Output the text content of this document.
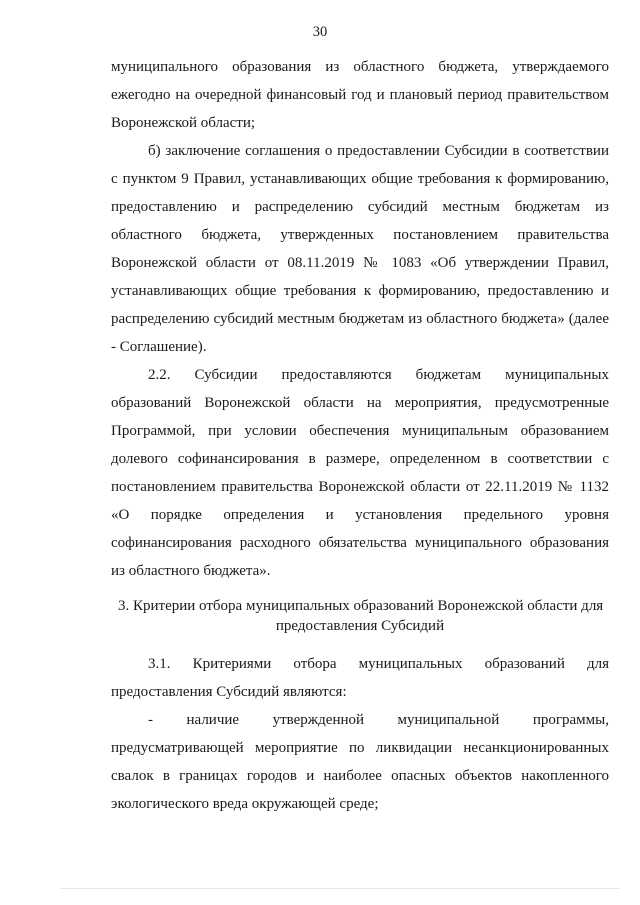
30
муниципального образования из областного бюджета, утверждаемого
ежегодно на очередной финансовый год и плановый период правительством
Воронежской области;
б) заключение соглашения о предоставлении Субсидии в соответствии
с пунктом 9 Правил, устанавливающих общие требования к формированию,
предоставлению и распределению субсидий местным бюджетам из
областного бюджета, утвержденных постановлением правительства
Воронежской области от 08.11.2019 № 1083 «Об утверждении Правил,
устанавливающих общие требования к формированию, предоставлению и
распределению субсидий местным бюджетам из областного бюджета» (далее
- Соглашение).
2.2. Субсидии предоставляются бюджетам муниципальных
образований Воронежской области на мероприятия, предусмотренные
Программой, при условии обеспечения муниципальным образованием
долевого софинансирования в размере, определенном в соответствии с
постановлением правительства Воронежской области от 22.11.2019 № 1132
«О порядке определения и установления предельного уровня
софинансирования расходного обязательства муниципального образования
из областного бюджета».
3. Критерии отбора муниципальных образований Воронежской области для
предоставления Субсидий
3.1. Критериями отбора муниципальных образований для
предоставления Субсидий являются:
- наличие утвержденной муниципальной программы,
предусматривающей мероприятие по ликвидации несанкционированных
свалок в границах городов и наиболее опасных объектов накопленного
экологического вреда окружающей среде;
